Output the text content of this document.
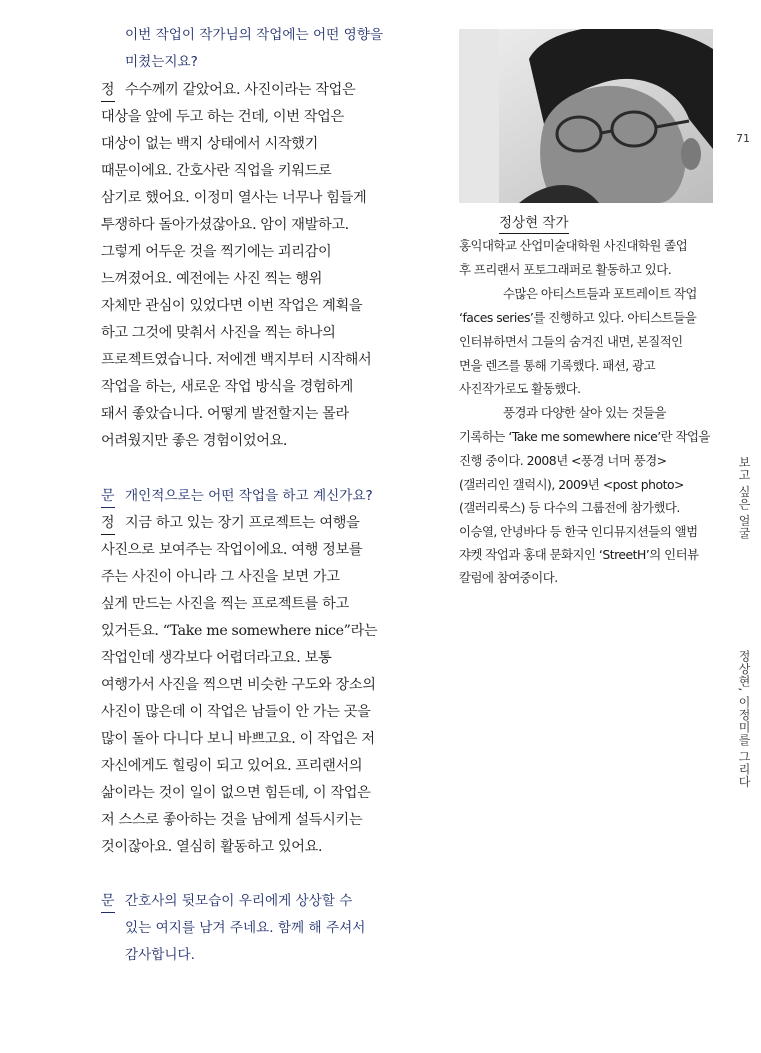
이번 작업이 작가님의 작업에는 어떤 영향을
미쳤는지요?
정 수수께끼 같았어요. 사진이라는 작업은
대상을 앞에 두고 하는 건데, 이번 작업은
대상이 없는 백지 상태에서 시작했기
때문이에요. 간호사란 직업을 키워드로
삼기로 했어요. 이정미 열사는 너무나 힘들게
투쟁하다 돌아가셨잖아요. 암이 재발하고.
그렇게 어두운 것을 찍기에는 괴리감이
느껴졌어요. 예전에는 사진 찍는 행위
자체만 관심이 있었다면 이번 작업은 계획을
하고 그것에 맞춰서 사진을 찍는 하나의
프로젝트였습니다. 저에겐 백지부터 시작해서
작업을 하는, 새로운 작업 방식을 경험하게
돼서 좋았습니다. 어떻게 발전할지는 몰라
어려웠지만 좋은 경험이었어요.
문 개인적으로는 어떤 작업을 하고 계신가요?
정 지금 하고 있는 장기 프로젝트는 여행을
사진으로 보여주는 작업이에요. 여행 정보를
주는 사진이 아니라 그 사진을 보면 가고
싶게 만드는 사진을 찍는 프로젝트를 하고
있거든요. “Take me somewhere nice”라는
작업인데 생각보다 어렵더라고요. 보통
여행가서 사진을 찍으면 비슷한 구도와 장소의
사진이 많은데 이 작업은 남들이 안 가는 곳을
많이 돌아 다니다 보니 바쁘고요. 이 작업은 저
자신에게도 힐링이 되고 있어요. 프리랜서의
삶이라는 것이 일이 없으면 힘든데, 이 작업은
저 스스로 좋아하는 것을 남에게 설득시키는
것이잖아요. 열심히 활동하고 있어요.
문 간호사의 뒷모습이 우리에게 상상할 수
있는 여지를 남겨 주네요. 함께 해 주셔서
감사합니다.
정상현 작가
홍익대학교 산업미술대학원 사진대학원 졸업
후 프리랜서 포토그래퍼로 활동하고 있다.
수많은 아티스트들과 포트레이트 작업
‘faces series’를 진행하고 있다. 아티스트들을
인터뷰하면서 그들의 숨겨진 내면, 본질적인
면을 렌즈를 통해 기록했다. 패션, 광고
사진작가로도 활동했다.
풍경과 다양한 살아 있는 것들을
기록하는 ‘Take me somewhere nice’란 작업을
진행 중이다. 2008년 <풍경 너머 풍경>
(갤러리인 갤럭시), 2009년 <post photo>
(갤러리룩스) 등 다수의 그룹전에 참가했다.
이승열, 안녕바다 등 한국 인디뮤지션들의 앨범
쟈켓 작업과 홍대 문화지인 ‘StreetH’의 인터뷰
칼럼에 참여중이다.
71
보고 싶은 얼굴
정상현, 이정미를 그리다
